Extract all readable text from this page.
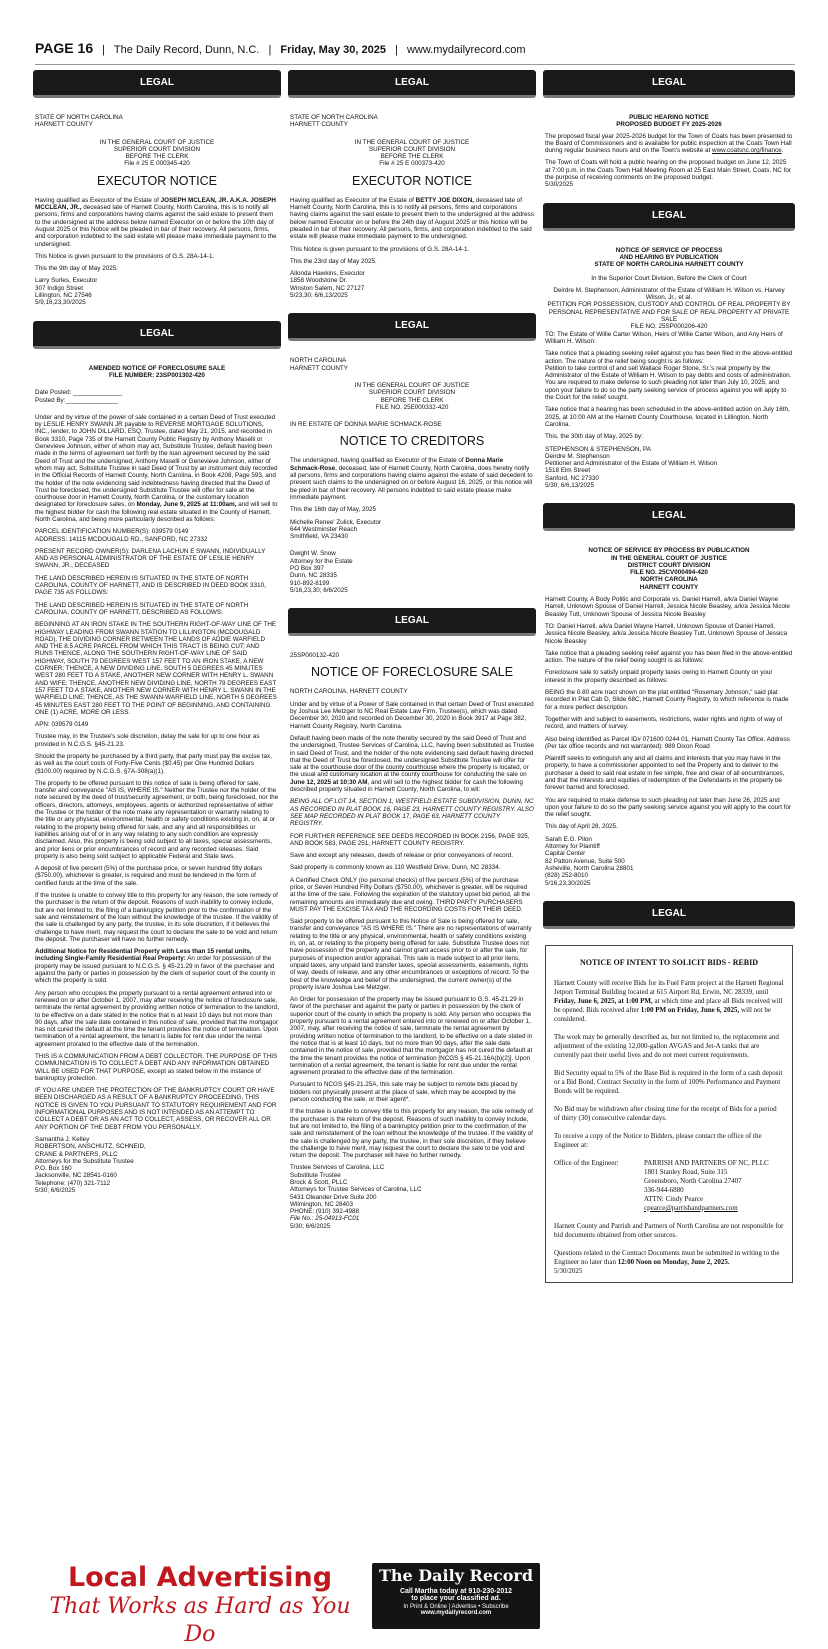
PAGE 16 | The Daily Record, Dunn, N.C. | Friday, May 30, 2025 | www.mydailyrecord.com
LEGAL
STATE OF NORTH CAROLINA
HARNETT COUNTY
IN THE GENERAL COURT OF JUSTICE
SUPERIOR COURT DIVISION
BEFORE THE CLERK
File # 25 E 000345-420

EXECUTOR NOTICE

Having qualified as Executor of the Estate of JOSEPH MCLEAN, JR. A.K.A. JOSEPH MCCLEAN, JR., deceased late of Harnett County, North Carolina, this is to notify all persons, firms and corporations having claims against the said estate to present them to the undersigned at the address below named Executor on or before the 10th day of August 2025 or this Notice will be pleaded in bar of their recovery. All persons, firms, and corporation indebted to the said estate will please make immediate payment to the undersigned.

This Notice is given pursuant to the provisions of G.S. 28A-14-1.

This the 9th day of May 2025.

Larry Surles, Executor
307 Indigo Street
Lillington, NC 27546
5/9,16,23,30/2025
LEGAL
AMENDED NOTICE OF FORECLOSURE SALE
FILE NUMBER: 23SP001302-420
Date Posted: ______________
Posted By:_______________

Under and by virtue of the power of sale contained in a certain Deed of Trust executed by LESLIE HENRY SWANN JR payable to REVERSE MORTGAGE SOLUTIONS, INC., lender, to JOHN DILLARD, ESQ, Trustee, dated May 21, 2015, and recorded in Book 3310, Page 735 of the Harnett County Public Registry by Anthony Maselli or Genevieve Johnson, either of whom may act, Substitute Trustee, default having been made in the terms of agreement set forth by the loan agreement secured by the said Deed of Trust and the undersigned, Anthony Maselli or Genevieve Johnson, either of whom may act, Substitute Trustee in said Deed of Trust by an instrument duly recorded in the Official Records of Harnett County, North Carolina, in Book 4208, Page 593, and the holder of the note evidencing said indebtedness having directed that the Deed of Trust be foreclosed, the undersigned Substitute Trustee will offer for sale at the courthouse door in Harnett County, North Carolina, or the customary location designated for foreclosure sales, on Monday, June 9, 2025 at 11:00am, and will sell to the highest bidder for cash the following real estate situated in the County of Harnett, North Carolina, and being more particularly described as follows:

PARCEL IDENTIFICATION NUMBER(S): 039579 0149
ADDRESS: 14115 MCDOUGALD RD., SANFORD, NC 27332

PRESENT RECORD OWNER(S): DARLENA LACHUN E SWANN, INDIVIDUALLY AND AS PERSONAL ADMINISTRATOR OF THE ESTATE OF LESLIE HENRY SWANN, JR., DECEASED

THE LAND DESCRIBED HEREIN IS SITUATED IN THE STATE OF NORTH CAROLINA, COUNTY OF HARNETT, AND IS DESCRIBED IN DEED BOOK 3310, PAGE 735 AS FOLLOWS:

THE LAND DESCRIBED HEREIN IS SITUATED IN THE STATE OF NORTH CAROLINA, COUNTY OF HARNETT, DESCRIBED AS FOLLOWS:

BEGINNING AT AN IRON STAKE IN THE SOUTHERN RIGHT-OF-WAY LINE OF THE HIGHWAY LEADING FROM SWANN STATION TO LILLINGTON (MCDOUGALD ROAD), THE DIVIDING CORNER BETWEEN THE LANDS OF ADDIE WARFIELD AND THE 8.5 ACRE PARCEL FROM WHICH THIS TRACT IS BEING CUT; AND RUNS THENCE, ALONG THE SOUTHERN RIGHT-OF-WAY LINE OF SAID HIGHWAY, SOUTH 79 DEGREES WEST 157 FEET TO AN IRON STAKE, A NEW CORNER; THENCE, A NEW DIVIDING LINE, SOUTH 5 DEGREES 45 MINUTES WEST 280 FEET TO A STAKE, ANOTHER NEW CORNER WITH HENRY L. SWANN AND WIFE; THENCE, ANOTHER NEW DIVIDING LINE, NORTH 79 DEGREES EAST 157 FEET TO A STAKE, ANOTHER NEW CORNER WITH HENRY L. SWANN IN THE WARFIELD LINE; THENCE, AS THE SWANN-WARFIELD LINE, NORTH 5 DEGREES 45 MINUTES EAST 280 FEET TO THE POINT OF BEGINNING, AND CONTAINING ONE (1) ACRE, MORE OR LESS.

APN: 039579 0149

Trustee may, in the Trustee's sole discretion, delay the sale for up to one hour as provided in N.C.G.S. §45-21.23.

Should the property be purchased by a third party, that party must pay the excise tax, as well as the court costs of Forty-Five Cents ($0.45) per One Hundred Dollars ($100.00) required by N.C.G.S. §7A-308(a)(1).

The property to be offered pursuant to this notice of sale is being offered for sale, transfer and conveyance "AS IS, WHERE IS." Neither the Trustee nor the holder of the note secured by the deed of trust/security agreement, or both, being foreclosed, nor the officers, directors, attorneys, employees, agents or authorized representative of either the Trustee or the holder of the note make any representation or warranty relating to the title or any physical, environmental, health or safety conditions existing in, on, at or relating to the property being offered for sale, and any and all responsibilities or liabilities arising out of or in any way relating to any such condition are expressly disclaimed. Also, this property is being sold subject to all taxes, special assessments, and prior liens or prior encumbrances of record and any recorded releases. Said property is also being sold subject to applicable Federal and State laws.

A deposit of five percent (5%) of the purchase price, or seven hundred fifty dollars ($750.00), whichever is greater, is required and must be tendered in the form of certified funds at the time of the sale.

If the trustee is unable to convey title to this property for any reason, the sole remedy of the purchaser is the return of the deposit. Reasons of such inability to convey include, but are not limited to, the filing of a bankruptcy petition prior to the confirmation of the sale and reinstatement of the loan without the knowledge of the trustee. If the validity of the sale is challenged by any party, the trustee, in its sole discretion, if it believes the challenge to have merit, may request the court to declare the sale to be void and return the deposit. The purchaser will have no further remedy.

Additional Notice for Residential Property with Less than 15 rental units, including Single-Family Residential Real Property: An order for possession of the property may be issued pursuant to N.C.G.S. § 45-21.29 in favor of the purchaser and against the party or parties in possession by the clerk of superior court of the county in which the property is sold.

Any person who occupies the property pursuant to a rental agreement entered into or renewed on or after October 1, 2007, may after receiving the notice of foreclosure sale, terminate the rental agreement by providing written notice of termination to the landlord, to be effective on a date stated in the notice that is at least 10 days but not more than 90 days, after the sale date contained in this notice of sale, provided that the mortgagor has not cured the default at the time the tenant provides the notice of termination. Upon termination of a rental agreement, the tenant is liable for rent due under the rental agreement prorated to the effective date of the termination.

THIS IS A COMMUNICATION FROM A DEBT COLLECTOR. THE PURPOSE OF THIS COMMUNICATION IS TO COLLECT A DEBT AND ANY INFORMATION OBTAINED WILL BE USED FOR THAT PURPOSE, except as stated below in the instance of bankruptcy protection.

IF YOU ARE UNDER THE PROTECTION OF THE BANKRUPTCY COURT OR HAVE BEEN DISCHARGED AS A RESULT OF A BANKRUPTCY PROCEEDING, THIS NOTICE IS GIVEN TO YOU PURSUANT TO STATUTORY REQUIREMENT AND FOR INFORMATIONAL PURPOSES AND IS NOT INTENDED AS AN ATTEMPT TO COLLECT A DEBT OR AS AN ACT TO COLLECT, ASSESS, OR RECOVER ALL OR ANY PORTION OF THE DEBT FROM YOU PERSONALLY.

Samantha J. Kelley
ROBERTSON, ANSCHUTZ, SCHNEID,
CRANE & PARTNERS, PLLC
Attorneys for the Substitute Trustee
P.O. Box 160
Jacksonville, NC 28541-0160
Telephone: (470) 321-7112
5/30; 6/6/2025
LEGAL
STATE OF NORTH CAROLINA
HARNETT COUNTY
IN THE GENERAL COURT OF JUSTICE
SUPERIOR COURT DIVISION
BEFORE THE CLERK
File # 25 E 000373-420

EXECUTOR NOTICE

Having qualified as Executor of the Estate of BETTY JOE DIXON, deceased late of Harnett County, North Carolina, this is to notify all persons, firms and corporations having claims against the said estate to present them to the undersigned at the address below named Executor on or before the 24th day of August 2025 or this Notice will be pleaded in bar of their recovery. All persons, firms, and corporation indebted to the said estate will please make immediate payment to the undersigned.

This Notice is given pursuant to the provisions of G.S. 28A-14-1.

This the 23rd day of May 2025.

Allonda Hawkins, Executor
1858 Woodstone Dr.
Winston Salem, NC 27127
5/23,30; 6/6,13/2025
LEGAL
NORTH CAROLINA
HARNETT COUNTY
IN THE GENERAL COURT OF JUSTICE
SUPERIOR COURT DIVISION
BEFORE THE CLERK
FILE NO. 25E000332-420
IN RE ESTATE OF DONNA MARIE SCHMACK-ROSE

NOTICE TO CREDITORS

The undersigned, having qualified as Executor of the Estate of Donna Marie Schmack-Rose, deceased, late of Harnett County, North Carolina, does hereby notify all persons, firms and corporations having claims against the estate of said decedent to present such claims to the undersigned on or before August 16, 2025, or this notice will be pled in bar of their recovery. All persons indebted to said estate please make immediate payment.

This the 16th day of May, 2025

Michelle Renee' Zulick, Executor
644 Westminster Reach
Smithfield, VA 23430
Dwight W. Snow
Attorney for the Estate
PO Box 397
Dunn, NC 28335
910-892-8199
5/16,23,30; 6/6/2025
LEGAL
25SP000132-420

NOTICE OF FORECLOSURE SALE

NORTH CAROLINA, HARNETT COUNTY

Under and by virtue of a Power of Sale contained in that certain Deed of Trust executed by Joshua Lee Metzger to NC Real Estate Law Firm, Trustee(s), which was dated December 30, 2020 and recorded on December 30, 2020 in Book 3917 at Page 382, Harnett County Registry, North Carolina.

Default having been made of the note thereby secured by the said Deed of Trust and the undersigned, Trustee Services of Carolina, LLC, having been substituted as Trustee in said Deed of Trust, and the holder of the note evidencing said default having directed that the Deed of Trust be foreclosed, the undersigned Substitute Trustee will offer for sale at the courthouse door of the county courthouse where the property is located, or the usual and customary location at the county courthouse for conducting the sale on June 12, 2025 at 10:30 AM, and will sell to the highest bidder for cash the following described property situated in Harnett County, North Carolina, to wit:

BEING ALL OF LOT 14, SECTION 1, WESTFIELD ESTATE SUBDIVISION, DUNN, NC AS RECORDED IN PLAT BOOK 16, PAGE 23, HARNETT COUNTY REGISTRY. ALSO SEE MAP RECORDED IN PLAT BOOK 17, PAGE 63, HARNETT COUNTY REGISTRY.

FOR FURTHER REFERENCE SEE DEEDS RECORDED IN BOOK 2156, PAGE 925, AND BOOK 583, PAGE 251, HARNETT COUNTY REGISTRY.

Save and except any releases, deeds of release or prior conveyances of record.

Said property is commonly known as 110 Westfield Drive, Dunn, NC 28334.

A Certified Check ONLY (no personal checks) of five percent (5%) of the purchase price, or Seven Hundred Fifty Dollars ($750.00), whichever is greater, will be required at the time of the sale. Following the expiration of the statutory upset bid period, all the remaining amounts are immediately due and owing. THIRD PARTY PURCHASERS MUST PAY THE EXCISE TAX AND THE RECORDING COSTS FOR THEIR DEED.

Said property to be offered pursuant to this Notice of Sale is being offered for sale, transfer and conveyance "AS IS WHERE IS." There are no representations of warranty relating to the title or any physical, environmental, health or safety conditions existing in, on, at, or relating to the property being offered for sale. Substitute Trustee does not have possession of the property and cannot grant access prior to or after the sale, for purposes of inspection and/or appraisal. This sale is made subject to all prior liens, unpaid taxes, any unpaid land transfer taxes, special assessments, easements, rights of way, deeds of release, and any other encumbrances or exceptions of record. To the best of the knowledge and belief of the undersigned, the current owner(s) of the property is/are Joshua Lee Metzger.

An Order for possession of the property may be issued pursuant to G.S. 45-21.29 in favor of the purchaser and against the party or parties in possession by the clerk of superior court of the county in which the property is sold. Any person who occupies the property pursuant to a rental agreement entered into or renewed on or after October 1, 2007, may, after receiving the notice of sale, terminate the rental agreement by providing written notice of termination to the landlord, to be effective on a date stated in the notice that is at least 10 days, but no more than 90 days, after the sale date contained in the notice of sale, provided that the mortgagor has not cured the default at the time the tenant provides the notice of termination [NCGS § 45-21.16A(b)(2)]. Upon termination of a rental agreement, the tenant is liable for rent due under the rental agreement prorated to the effective date of the termination.

Pursuant to NCGS §45-21.25A, this sale may be subject to remote bids placed by bidders not physically present at the place of sale, which may be accepted by the person conducting the sale, or their agent*.

If the trustee is unable to convey title to this property for any reason, the sole remedy of the purchaser is the return of the deposit. Reasons of such inability to convey include, but are not limited to, the filing of a bankruptcy petition prior to the confirmation of the sale and reinstatement of the loan without the knowledge of the trustee. If the validity of the sale is challenged by any party, the trustee, in their sole discretion, if they believe the challenge to have merit, may request the court to declare the sale to be void and return the deposit. The purchaser will have no further remedy.

Trustee Services of Carolina, LLC
Substitute Trustee
Brock & Scott, PLLC
Attorneys for Trustee Services of Carolina, LLC
5431 Oleander Drive Suite 200
Wilmington, NC 28403
PHONE: (910) 392-4988
File No.: 25-04913-FC01
5/30; 6/6/2025
LEGAL
PUBLIC HEARING NOTICE
PROPOSED BUDGET FY 2025-2026

The proposed fiscal year 2025-2026 budget for the Town of Coats has been presented to the Board of Commissioners and is available for public inspection at the Coats Town Hall during regular business hours and on the Town's website at www.coatsnc.org/finance.

The Town of Coats will hold a public hearing on the proposed budget on June 12, 2025 at 7:00 p.m. in the Coats Town Hall Meeting Room at 25 East Main Street, Coats, NC for the purpose of receiving comments on the proposed budget.
5/30/2025
LEGAL
NOTICE OF SERVICE OF PROCESS
AND HEARING BY PUBLICATION
STATE OF NORTH CAROLINA HARNETT COUNTY

In the Superior Court Division, Before the Clerk of Court

Deirdre M. Stephenson, Administrator of the Estate of William H. Wilson vs. Harvey Wilson, Jr., et al.
PETITION FOR POSSESSION, CUSTODY AND CONTROL OF REAL PROPERTY BY PERSONAL REPRESENTATIVE AND FOR SALE OF REAL PROPERTY AT PRIVATE SALE
FILE NO. 25SP000206-420

TO: The Estate of Willie Carter Wilson, Heirs of Willie Carter Wilson, and Any Heirs of William H. Wilson:

Take notice that a pleading seeking relief against you has been filed in the above-entitled action. The nature of the relief being sought is as follows:
Petition to take control of and sell Wallace Roger Stone, Sr.'s real property by the Administrator of the Estate of William H. Wilson to pay debts and costs of administration.

You are required to make defense to such pleading not later than July 10, 2025, and upon your failure to do so the party seeking service of process against you will apply to the Court for the relief sought.

Take notice that a hearing has been scheduled in the above-entitled action on July 16th, 2025, at 10:00 AM at the Harnett County Courthouse, located in Lillington, North Carolina.

This, the 30th day of May, 2025 by:

STEPHENSON & STEPHENSON, PA
Deirdre M. Stephenson
Petitioner and Administrator of the Estate of William H. Wilson
1518 Elm Street
Sanford, NC 27330
5/30; 6/6,13/2025
LEGAL
NOTICE OF SERVICE BY PROCESS BY PUBLICATION
IN THE GENERAL COURT OF JUSTICE
DISTRICT COURT DIVISION
FILE NO. 25CV000494-420
NORTH CAROLINA
HARNETT COUNTY

Harnett County, A Body Politic and Corporate vs. Daniel Harrell, a/k/a Daniel Wayne Harrell, Unknown Spouse of Daniel Harrell, Jessica Nicole Beasley, a/k/a Jessica Nicole Beasley Tutt, Unknown Spouse of Jessica Nicole Beasley

TO: Daniel Harrell, a/k/a Daniel Wayne Harrell, Unknown Spouse of Daniel Harrell, Jessica Nicole Beasley, a/k/a Jessica Nicole Beasley Tutt, Unknown Spouse of Jessica Nicole Beasley

Take notice that a pleading seeking relief against you has been filed in the above-entitled action. The nature of the relief being sought is as follows:

Foreclosure sale to satisfy unpaid property taxes owing to Harnett County on your interest in the property described as follows:

BEING the 0.80 acre tract shown on the plat entitled "Rosemary Johnson," said plat recorded in Plat Cab D, Slide 68C, Harnett County Registry, to which reference is made for a more perfect description.

Together with and subject to easements, restrictions, water rights and rights of way of record, and matters of survey.

Also being identified as Parcel ID# 071600 0244 01, Harnett County Tax Office. Address (Per tax office records and not warranted): 989 Dixon Road

Plaintiff seeks to extinguish any and all claims and interests that you may have in the property, to have a commissioner appointed to sell the Property and to deliver to the purchaser a deed to said real estate in fee simple, free and clear of all encumbrances, and that the interests and equities of redemption of the Defendants in the property be forever barred and foreclosed.

You are required to make defense to such pleading not later than June 26, 2025 and upon your failure to do so the party seeking service against you will apply to the court for the relief sought.

This day of April 28, 2025.

Sarah E.G. Pilon
Attorney for Plaintiff
Capital Center
82 Patton Avenue, Suite 500
Asheville, North Carolina 28801
(828) 252-8010
5/16,23,30/2025
LEGAL
NOTICE OF INTENT TO SOLICIT BIDS - REBID

Harnett County will receive Bids for its Fuel Farm project at the Harnett Regional Jetport Terminal Building located at 615 Airport Rd, Erwin, NC 28339, until Friday, June 6, 2025, at 1:00 PM, at which time and place all Bids received will be opened. Bids received after 1:00 PM on Friday, June 6, 2025, will not be considered.

The work may be generally described as, but not limited to, the replacement and adjustment of the existing 12,000-gallon AVGAS and Jet-A tanks that are currently past their useful lives and do not meet current requirements.

Bid Security equal to 5% of the Base Bid is required in the form of a cash deposit or a Bid Bond. Contract Security in the form of 100% Performance and Payment Bonds will be required.

No Bid may be withdrawn after closing time for the receipt of Bids for a period of thirty (30) consecutive calendar days.

To receive a copy of the Notice to Bidders, please contact the office of the Engineer at:

Office of the Engineer:	PARRISH AND PARTNERS OF NC, PLLC
1801 Stanley Road, Suite 315
Greensboro, North Carolina 27407
336-944-6880
ATTN: Cindy Pearce
cpearce@parrishandpartners.com

Harnett County and Parrish and Partners of North Carolina are not responsible for bid documents obtained from other sources.

Questions related to the Contract Documents must be submitted in writing to the Engineer no later than 12:00 Noon on Monday, June 2, 2025.

5/30/2025
Local Advertising
That Works as Hard as You Do
The Daily Record
Call Martha today at 910-230-2012
to place your classified ad.
In Print & Online | Advertise • Subscribe
www.mydailyrecord.com
